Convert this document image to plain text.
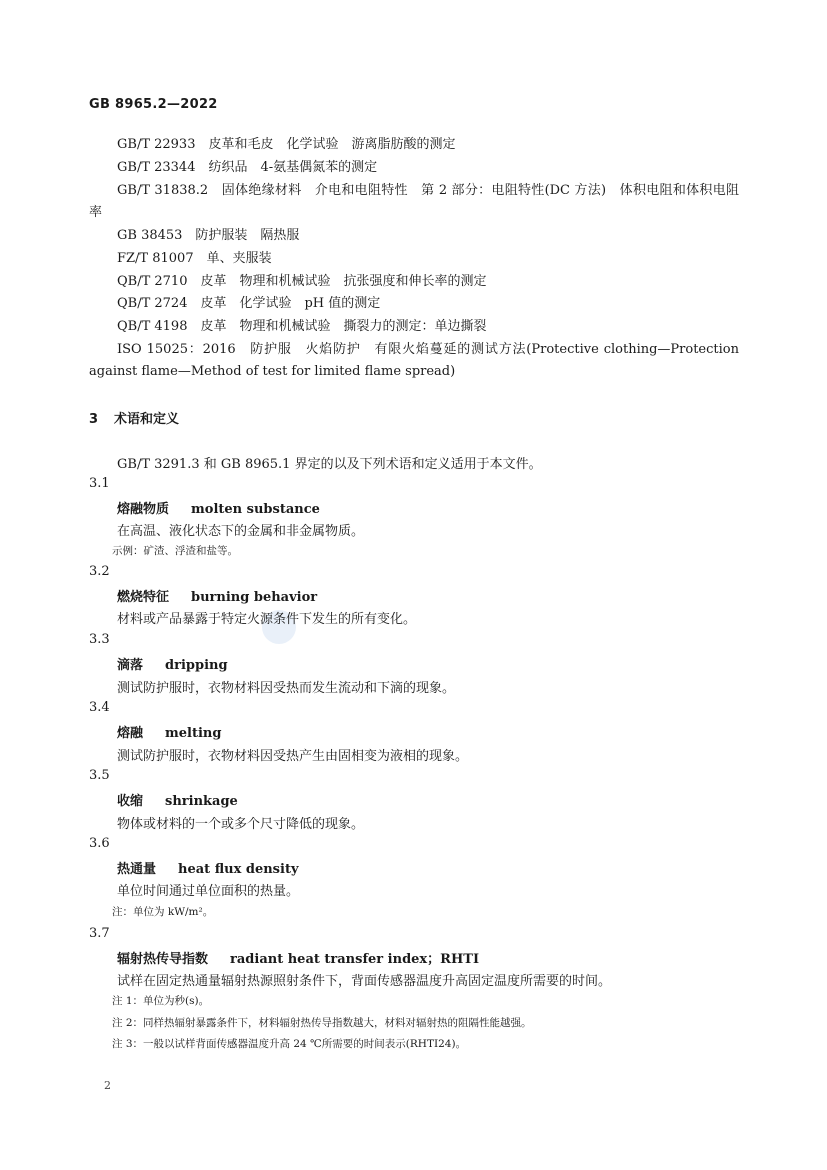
GB 8965.2—2022
GB/T 22933　皮革和毛皮　化学试验　游离脂肪酸的测定
GB/T 23344　纺织品　4-氨基偶氮苯的测定
GB/T 31838.2　固体绝缘材料　介电和电阻特性　第 2 部分：电阻特性(DC 方法)　体积电阻和体积电阻率
GB 38453　防护服装　隔热服
FZ/T 81007　单、夹服装
QB/T 2710　皮革　物理和机械试验　抗张强度和伸长率的测定
QB/T 2724　皮革　化学试验　pH 值的测定
QB/T 4198　皮革　物理和机械试验　撕裂力的测定：单边撕裂
ISO 15025：2016　防护服　火焰防护　有限火焰蔓延的测试方法(Protective clothing—Protection against flame—Method of test for limited flame spread)
3 术语和定义
GB/T 3291.3 和 GB 8965.1 界定的以及下列术语和定义适用于本文件。
3.1
熔融物质 molten substance
在高温、液化状态下的金属和非金属物质。
示例：矿渣、浮渣和盐等。
3.2
燃烧特征 burning behavior
材料或产品暴露于特定火源条件下发生的所有变化。
3.3
滴落 dripping
测试防护服时，衣物材料因受热而发生流动和下滴的现象。
3.4
熔融 melting
测试防护服时，衣物材料因受热产生由固相变为液相的现象。
3.5
收缩 shrinkage
物体或材料的一个或多个尺寸降低的现象。
3.6
热通量 heat flux density
单位时间通过单位面积的热量。
注：单位为 kW/m²。
3.7
辐射热传导指数 radiant heat transfer index；RHTI
试样在固定热通量辐射热源照射条件下，背面传感器温度升高固定温度所需要的时间。
注 1：单位为秒(s)。
注 2：同样热辐射暴露条件下，材料辐射热传导指数越大，材料对辐射热的阻隔性能越强。
注 3：一般以试样背面传感器温度升高 24 ℃所需要的时间表示(RHTI24)。
2
